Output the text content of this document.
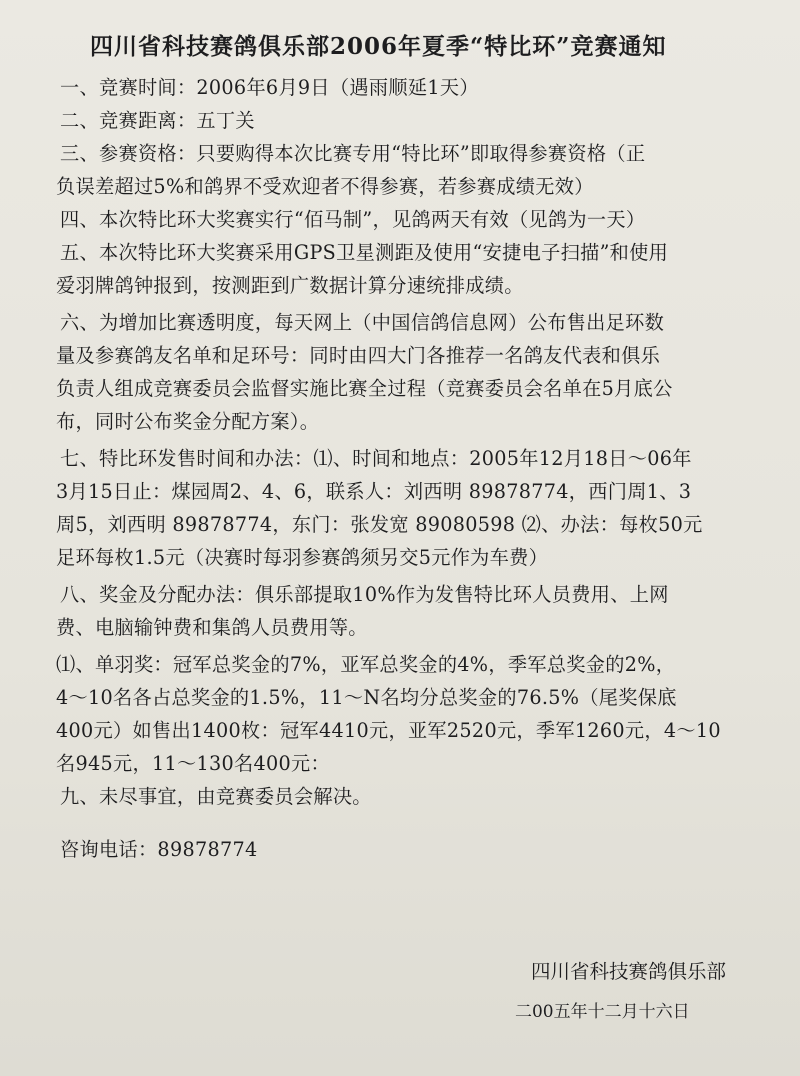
四川省科技赛鸽俱乐部2006年夏季“特比环”竞赛通知
一、竞赛时间：2006年6月9日（遇雨顺延1天）
二、竞赛距离：五丁关
三、参赛资格：只要购得本次比赛专用“特比环”即取得参赛资格（正
负误差超过5%和鸽界不受欢迎者不得参赛，若参赛成绩无效）
四、本次特比环大奖赛实行“佰马制”，见鸽两天有效（见鸽为一天）
五、本次特比环大奖赛采用GPS卫星测距及使用“安捷电子扫描”和使用
爱羽牌鸽钟报到，按测距到广数据计算分速统排成绩。
六、为增加比赛透明度，每天网上（中国信鸽信息网）公布售出足环数
量及参赛鸽友名单和足环号：同时由四大门各推荐一名鸽友代表和俱乐
负责人组成竞赛委员会监督实施比赛全过程（竞赛委员会名单在5月底公
布，同时公布奖金分配方案）。
七、特比环发售时间和办法：⑴、时间和地点：2005年12月18日～06年
3月15日止：煤园周2、4、6，联系人：刘西明 89878774，西门周1、3
周5，刘西明 89878774，东门：张发宽 89080598 ⑵、办法：每枚50元
足环每枚1.5元（决赛时每羽参赛鸽须另交5元作为车费）
八、奖金及分配办法：俱乐部提取10%作为发售特比环人员费用、上网
费、电脑输钟费和集鸽人员费用等。
⑴、单羽奖：冠军总奖金的7%，亚军总奖金的4%，季军总奖金的2%，
4～10名各占总奖金的1.5%，11～N名均分总奖金的76.5%（尾奖保底
400元）如售出1400枚：冠军4410元，亚军2520元，季军1260元，4～10
名945元，11～130名400元：
九、未尽事宜，由竞赛委员会解决。
咨询电话：89878774
四川省科技赛鸽俱乐部
二00五年十二月十六日
